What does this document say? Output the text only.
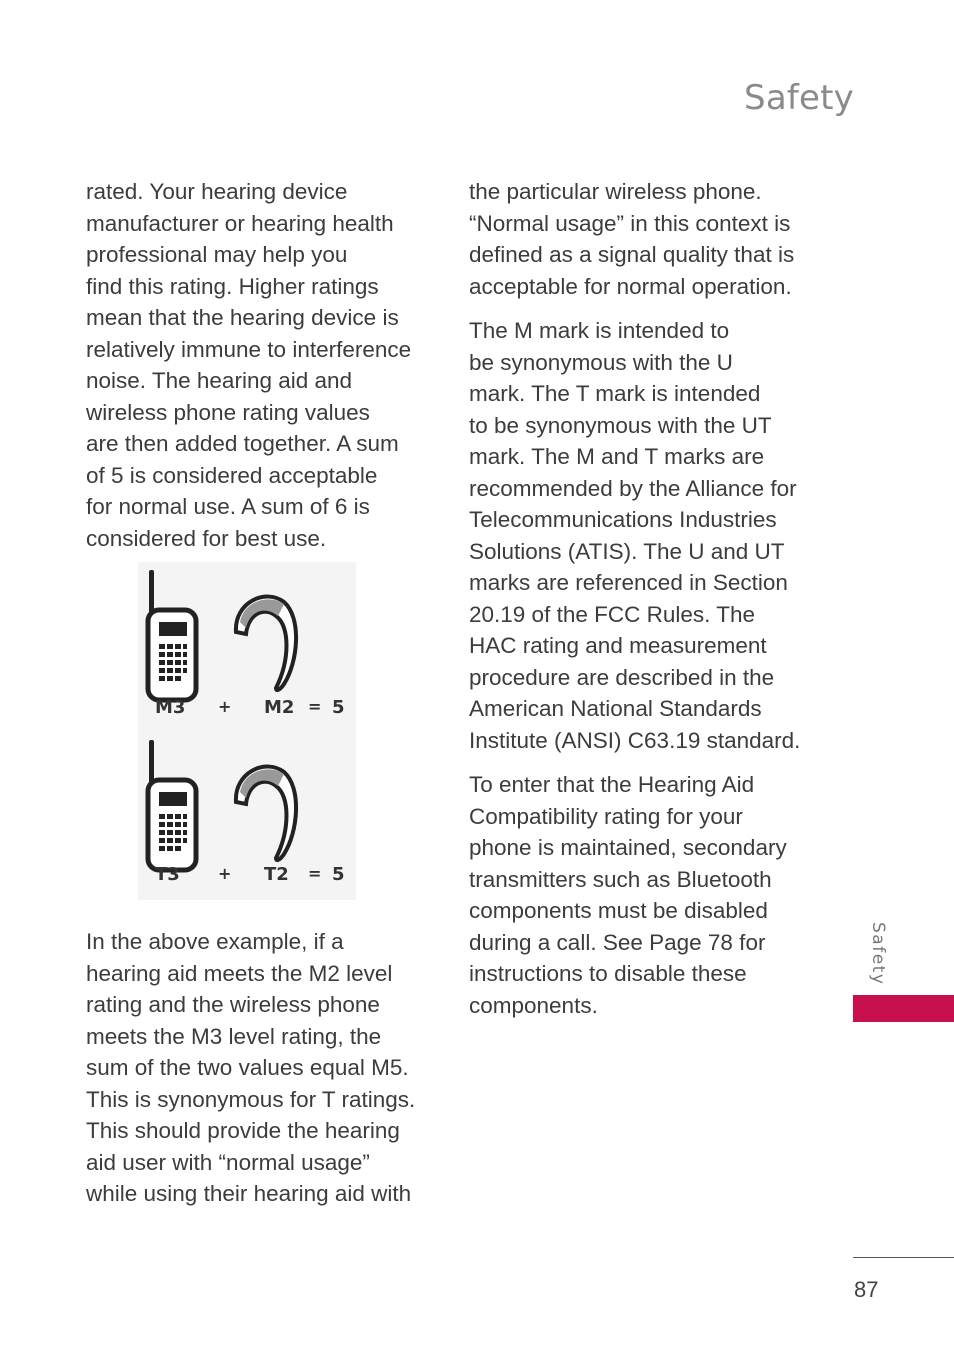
Safety

rated. Your hearing device
manufacturer or hearing health
professional may help you
find this rating. Higher ratings
mean that the hearing device is
relatively immune to interference
noise. The hearing aid and
wireless phone rating values
are then added together. A sum
of 5 is considered acceptable
for normal use. A sum of 6 is
considered for best use.

M3 + M2 = 5
T3 + T2 = 5

In the above example, if a
hearing aid meets the M2 level
rating and the wireless phone
meets the M3 level rating, the
sum of the two values equal M5.
This is synonymous for T ratings.
This should provide the hearing
aid user with “normal usage”
while using their hearing aid with

the particular wireless phone.
“Normal usage” in this context is
defined as a signal quality that is
acceptable for normal operation.

The M mark is intended to
be synonymous with the U
mark. The T mark is intended
to be synonymous with the UT
mark. The M and T marks are
recommended by the Alliance for
Telecommunications Industries
Solutions (ATIS). The U and UT
marks are referenced in Section
20.19 of the FCC Rules. The
HAC rating and measurement
procedure are described in the
American National Standards
Institute (ANSI) C63.19 standard.

To enter that the Hearing Aid
Compatibility rating for your
phone is maintained, secondary
transmitters such as Bluetooth
components must be disabled
during a call. See Page 78 for
instructions to disable these
components.

Safety
87
